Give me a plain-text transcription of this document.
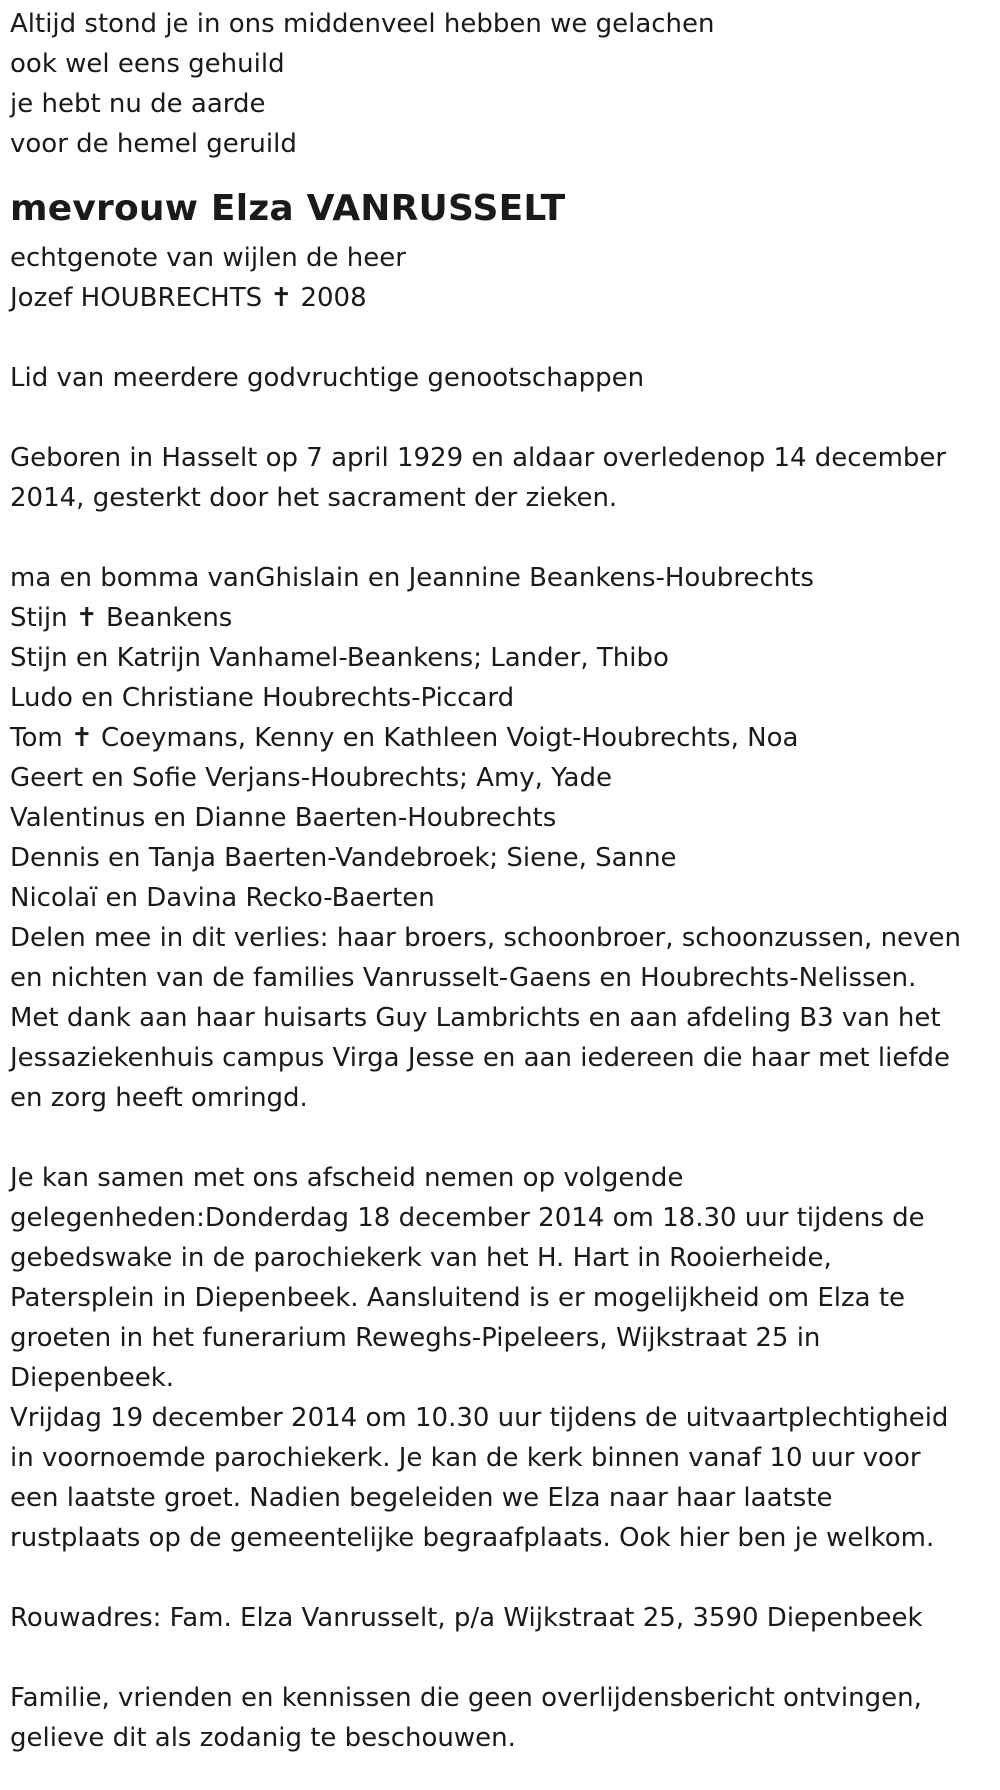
Altijd stond je in ons middenveel hebben we gelachen
ook wel eens gehuild
je hebt nu de aarde
voor de hemel geruild
mevrouw Elza VANRUSSELT
echtgenote van wijlen de heer
Jozef HOUBRECHTS ✝ 2008
Lid van meerdere godvruchtige genootschappen
Geboren in Hasselt op 7 april 1929 en aldaar overledenop 14 december
2014, gesterkt door het sacrament der zieken.
ma en bomma vanGhislain en Jeannine Beankens-Houbrechts
Stijn ✝ Beankens
Stijn en Katrijn Vanhamel-Beankens; Lander, Thibo
Ludo en Christiane Houbrechts-Piccard
Tom ✝ Coeymans, Kenny en Kathleen Voigt-Houbrechts, Noa
Geert en Sofie Verjans-Houbrechts; Amy, Yade
Valentinus en Dianne Baerten-Houbrechts
Dennis en Tanja Baerten-Vandebroek; Siene, Sanne
Nicolaï en Davina Recko-Baerten
Delen mee in dit verlies: haar broers, schoonbroer, schoonzussen, neven
en nichten van de families Vanrusselt-Gaens en Houbrechts-Nelissen.
Met dank aan haar huisarts Guy Lambrichts en aan afdeling B3 van het
Jessaziekenhuis campus Virga Jesse en aan iedereen die haar met liefde
en zorg heeft omringd.
Je kan samen met ons afscheid nemen op volgende
gelegenheden:Donderdag 18 december 2014 om 18.30 uur tijdens de
gebedswake in de parochiekerk van het H. Hart in Rooierheide,
Patersplein in Diepenbeek. Aansluitend is er mogelijkheid om Elza te
groeten in het funerarium Reweghs-Pipeleers, Wijkstraat 25 in
Diepenbeek.
Vrijdag 19 december 2014 om 10.30 uur tijdens de uitvaartplechtigheid
in voornoemde parochiekerk. Je kan de kerk binnen vanaf 10 uur voor
een laatste groet. Nadien begeleiden we Elza naar haar laatste
rustplaats op de gemeentelijke begraafplaats. Ook hier ben je welkom.
Rouwadres: Fam. Elza Vanrusselt, p/a Wijkstraat 25, 3590 Diepenbeek
Familie, vrienden en kennissen die geen overlijdensbericht ontvingen,
gelieve dit als zodanig te beschouwen.
